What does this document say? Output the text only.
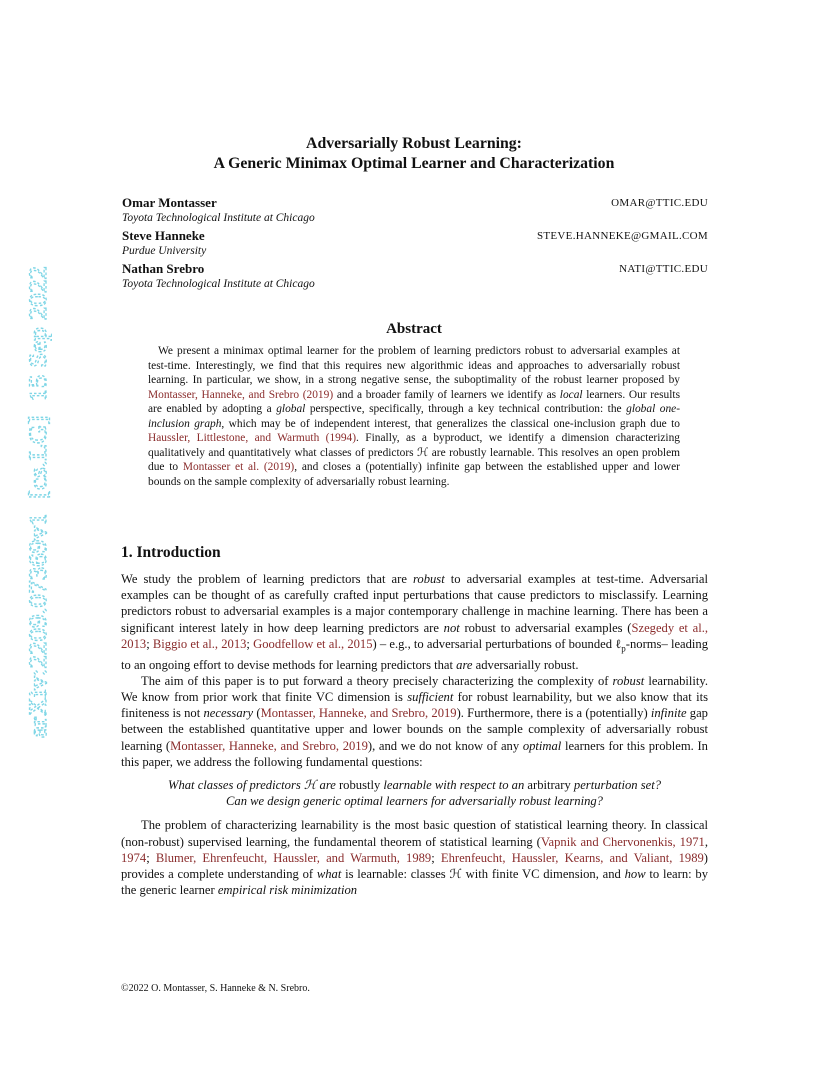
arXiv:2209.07369v1  [cs.LG]  15 Sep 2022
Adversarially Robust Learning:
A Generic Minimax Optimal Learner and Characterization
Omar Montasser	OMAR@TTIC.EDU
Toyota Technological Institute at Chicago
Steve Hanneke	STEVE.HANNEKE@GMAIL.COM
Purdue University
Nathan Srebro	NATI@TTIC.EDU
Toyota Technological Institute at Chicago
Abstract

We present a minimax optimal learner for the problem of learning predictors robust to adversarial examples at test-time. Interestingly, we find that this requires new algorithmic ideas and approaches to adversarially robust learning. In particular, we show, in a strong negative sense, the suboptimality of the robust learner proposed by Montasser, Hanneke, and Srebro (2019) and a broader family of learners we identify as local learners. Our results are enabled by adopting a global perspective, specifically, through a key technical contribution: the global one-inclusion graph, which may be of independent interest, that generalizes the classical one-inclusion graph due to Haussler, Littlestone, and Warmuth (1994). Finally, as a byproduct, we identify a dimension characterizing qualitatively and quantitatively what classes of predictors ℋ are robustly learnable. This resolves an open problem due to Montasser et al. (2019), and closes a (potentially) infinite gap between the established upper and lower bounds on the sample complexity of adversarially robust learning.

1. Introduction

We study the problem of learning predictors that are robust to adversarial examples at test-time. Adversarial examples can be thought of as carefully crafted input perturbations that cause predictors to misclassify. Learning predictors robust to adversarial examples is a major contemporary challenge in machine learning. There has been a significant interest lately in how deep learning predictors are not robust to adversarial examples (Szegedy et al., 2013; Biggio et al., 2013; Goodfellow et al., 2015) – e.g., to adversarial perturbations of bounded ℓ$_p$-norms– leading to an ongoing effort to devise methods for learning predictors that are adversarially robust.

The aim of this paper is to put forward a theory precisely characterizing the complexity of robust learnability. We know from prior work that finite VC dimension is sufficient for robust learnability, but we also know that its finiteness is not necessary (Montasser, Hanneke, and Srebro, 2019). Furthermore, there is a (potentially) infinite gap between the established quantitative upper and lower bounds on the sample complexity of adversarially robust learning (Montasser, Hanneke, and Srebro, 2019), and we do not know of any optimal learners for this problem. In this paper, we address the following fundamental questions:

What classes of predictors ℋ are robustly learnable with respect to an arbitrary perturbation set?
Can we design generic optimal learners for adversarially robust learning?

The problem of characterizing learnability is the most basic question of statistical learning theory. In classical (non-robust) supervised learning, the fundamental theorem of statistical learning (Vapnik and Chervonenkis, 1971, 1974; Blumer, Ehrenfeucht, Haussler, and Warmuth, 1989; Ehrenfeucht, Haussler, Kearns, and Valiant, 1989) provides a complete understanding of what is learnable: classes ℋ with finite VC dimension, and how to learn: by the generic learner empirical risk minimization

©2022 O. Montasser, S. Hanneke & N. Srebro.
